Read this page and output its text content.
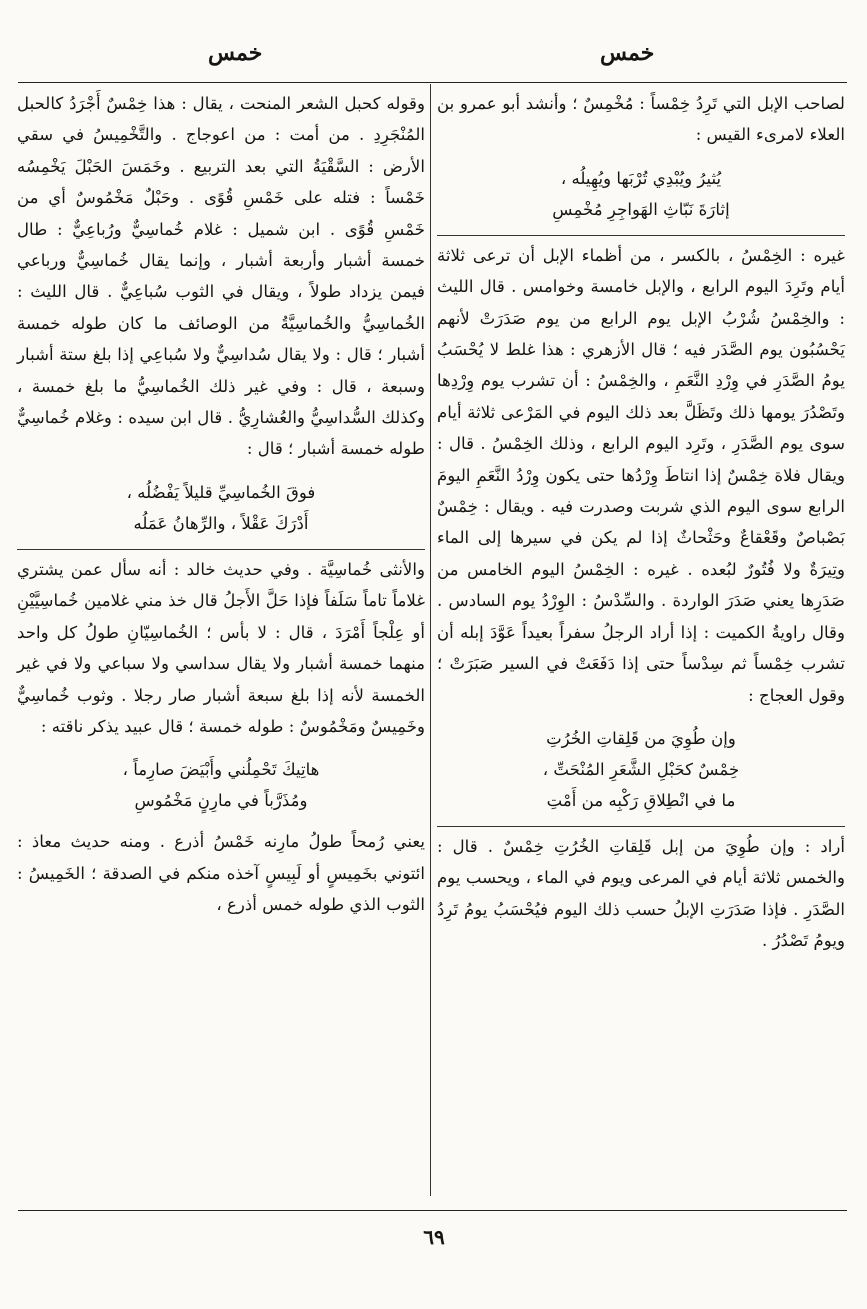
خمس	خمس

لصاحب الإبل التي تَرِدُ خِمْساً : مُخْمِسٌ ؛ وأنشد أبو عمرو بن العلاء لامرىء القيس :

يُثيرُ ويُبْدِي تُرْبَها ويُهِيلُه ،
إثارَةَ نَبّاثِ الهَواجِرِ مُخْمِسِ

غيره : الخِمْسُ ، بالكسر ، من أظماء الإبل أن ترعى ثلاثة أيام وتَرِدَ اليوم الرابع ، والإبل خامسة وخوامس . قال الليث : والخِمْسُ شُرْبُ الإبل يوم الرابع من يوم صَدَرَتْ لأنهم يَحْسُبُون يوم الصَّدَر فيه ؛ قال الأزهري : هذا غلط لا يُحْسَبُ يومُ الصَّدَرِ في وِرْدِ النَّعَمِ ، والخِمْسُ : أن تشرب يوم وِرْدِها وتَصْدُرَ يومها ذلك وتَظَلَّ بعد ذلك اليوم في المَرْعى ثلاثة أيام سوى يوم الصَّدَرِ ، وتَرِد اليوم الرابع ، وذلك الخِمْسُ . قال : ويقال فلاة خِمْسٌ إذا انتاطَ وِرْدُها حتى يكون وِرْدُ النَّعَمِ اليومَ الرابع سوى اليوم الذي شربت وصدرت فيه . ويقال : خِمْسٌ بَصْباصٌ وقَعْقاعٌ وحَثْحاثٌ إذا لم يكن في سيرها إلى الماء وتِيرَةٌ ولا فُتُورٌ لبُعده . غيره : الخِمْسُ اليوم الخامس من صَدَرِها يعني صَدَرَ الواردة . والسِّدْسُ : الوِرْدُ يوم السادس . وقال راويةُ الكميت : إذا أراد الرجلُ سفراً بعيداً عَوَّدَ إبله أن تشرب خِمْساً ثم سِدْساً حتى إذا دَفَعَتْ في السير صَبَرَتْ ؛ وقول العجاج :

وإن طُوِيَ من قَلِقاتِ الخُرُتِ
خِمْسٌ كحَبْلِ الشَّعَرِ المُنْحَتِّ ،
ما في انْطِلاقِ رَكْبِه من أَمْتِ

أراد : وإن طُوِيَ من إبل قَلِقاتِ الخُرُتِ خِمْسٌ . قال : والخمس ثلاثة أيام في المرعى ويوم في الماء ، ويحسب يوم الصَّدَرِ . فإذا صَدَرَتِ الإبلُ حسب ذلك اليوم فيُحْسَبُ يومُ تَرِدُ ويومُ تَصْدُرُ .

وقوله كحبل الشعر المنحت ، يقال : هذا خِمْسٌ أَجْرَدُ كالحبل المُنْجَرِدِ . من أمت : من اعوجاج . والتَّخْمِيسُ في سقي الأرض : السَّقْيَةُ التي بعد التربيع . وخَمَسَ الحَبْلَ يَخْمِسُه خَمْساً : فتله على خَمْسِ قُوًى . وحَبْلٌ مَخْمُوسٌ أي من خَمْسِ قُوًى . ابن شميل : غلام خُماسِيٌّ ورُباعِيٌّ : طال خمسة أشبار وأربعة أشبار ، وإنما يقال خُماسِيٌّ ورباعي فيمن يزداد طولاً ، ويقال في الثوب سُباعِيٌّ . قال الليث : الخُماسِيُّ والخُماسِيَّةُ من الوصائف ما كان طوله خمسة أشبار ؛ قال : ولا يقال سُداسِيٌّ ولا سُباعِي إذا بلغ ستة أشبار وسبعة ، قال : وفي غير ذلك الخُماسِيُّ ما بلغ خمسة ، وكذلك السُّداسِيُّ والعُشارِيُّ . قال ابن سيده : وغلام خُماسِيٌّ طوله خمسة أشبار ؛ قال :

فوقَ الخُماسِيِّ قليلاً يَفْضُلُه ،
أَدْرَكَ عَقْلاً ، والرِّهانُ عَمَلُه

والأنثى خُماسِيَّة . وفي حديث خالد : أنه سأل عمن يشتري غلاماً تاماً سَلَفاً فإذا حَلَّ الأَجلُ قال خذ مني غلامين خُماسِيَّيْنِ أو عِلْجاً أَمْرَدَ ، قال : لا بأس ؛ الخُماسِيّانِ طولُ كل واحد منهما خمسة أشبار ولا يقال سداسي ولا سباعي ولا في غير الخمسة لأنه إذا بلغ سبعة أشبار صار رجلا . وثوب خُماسِيٌّ وخَمِيسٌ ومَخْمُوسٌ : طوله خمسة ؛ قال عبيد يذكر ناقته :

هاتِيكَ تَحْمِلُني وأَبْيَضَ صارِماً ،
ومُذَرَّباً في مارِنٍ مَخْمُوسِ

يعني رُمحاً طولُ مارِنه خَمْسُ أذرع . ومنه حديث معاذ : ائتوني بخَمِيسٍ أو لَبِيسٍ آخذه منكم في الصدقة ؛ الخَمِيسُ : الثوب الذي طوله خمس أذرع ،

٦٩
